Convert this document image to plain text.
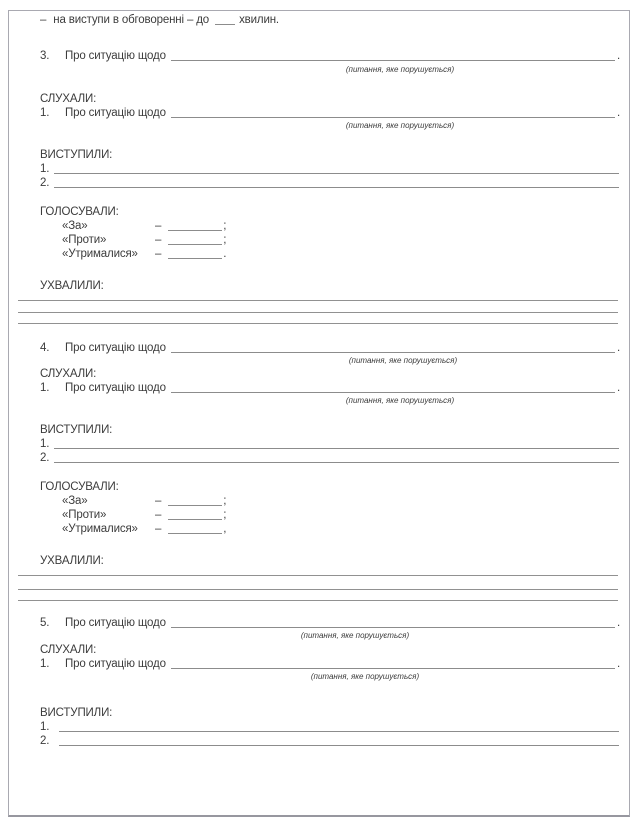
– на виступи в обговоренні – до	хвилин.
3.	Про ситуацію щодо	.
(питання, яке порушується)
СЛУХАЛИ:
1.	Про ситуацію щодо	.
(питання, яке порушується)
ВИСТУПИЛИ:
1.
2.
ГОЛОСУВАЛИ:
«За»	–	;
«Проти»	–	;
«Утрималися»	–	.
УХВАЛИЛИ:
4.	Про ситуацію щодо	.
(питання, яке порушується)
СЛУХАЛИ:
1.	Про ситуацію щодо	.
(питання, яке порушується)
ВИСТУПИЛИ:
1.
2.
ГОЛОСУВАЛИ:
«За»	–	;
«Проти»	–	;
«Утрималися»	–	,
УХВАЛИЛИ:
5.	Про ситуацію щодо	.
(питання, яке порушується)
СЛУХАЛИ:
1.	Про ситуацію щодо	.
(питання, яке порушується)
ВИСТУПИЛИ:
1.
2.
